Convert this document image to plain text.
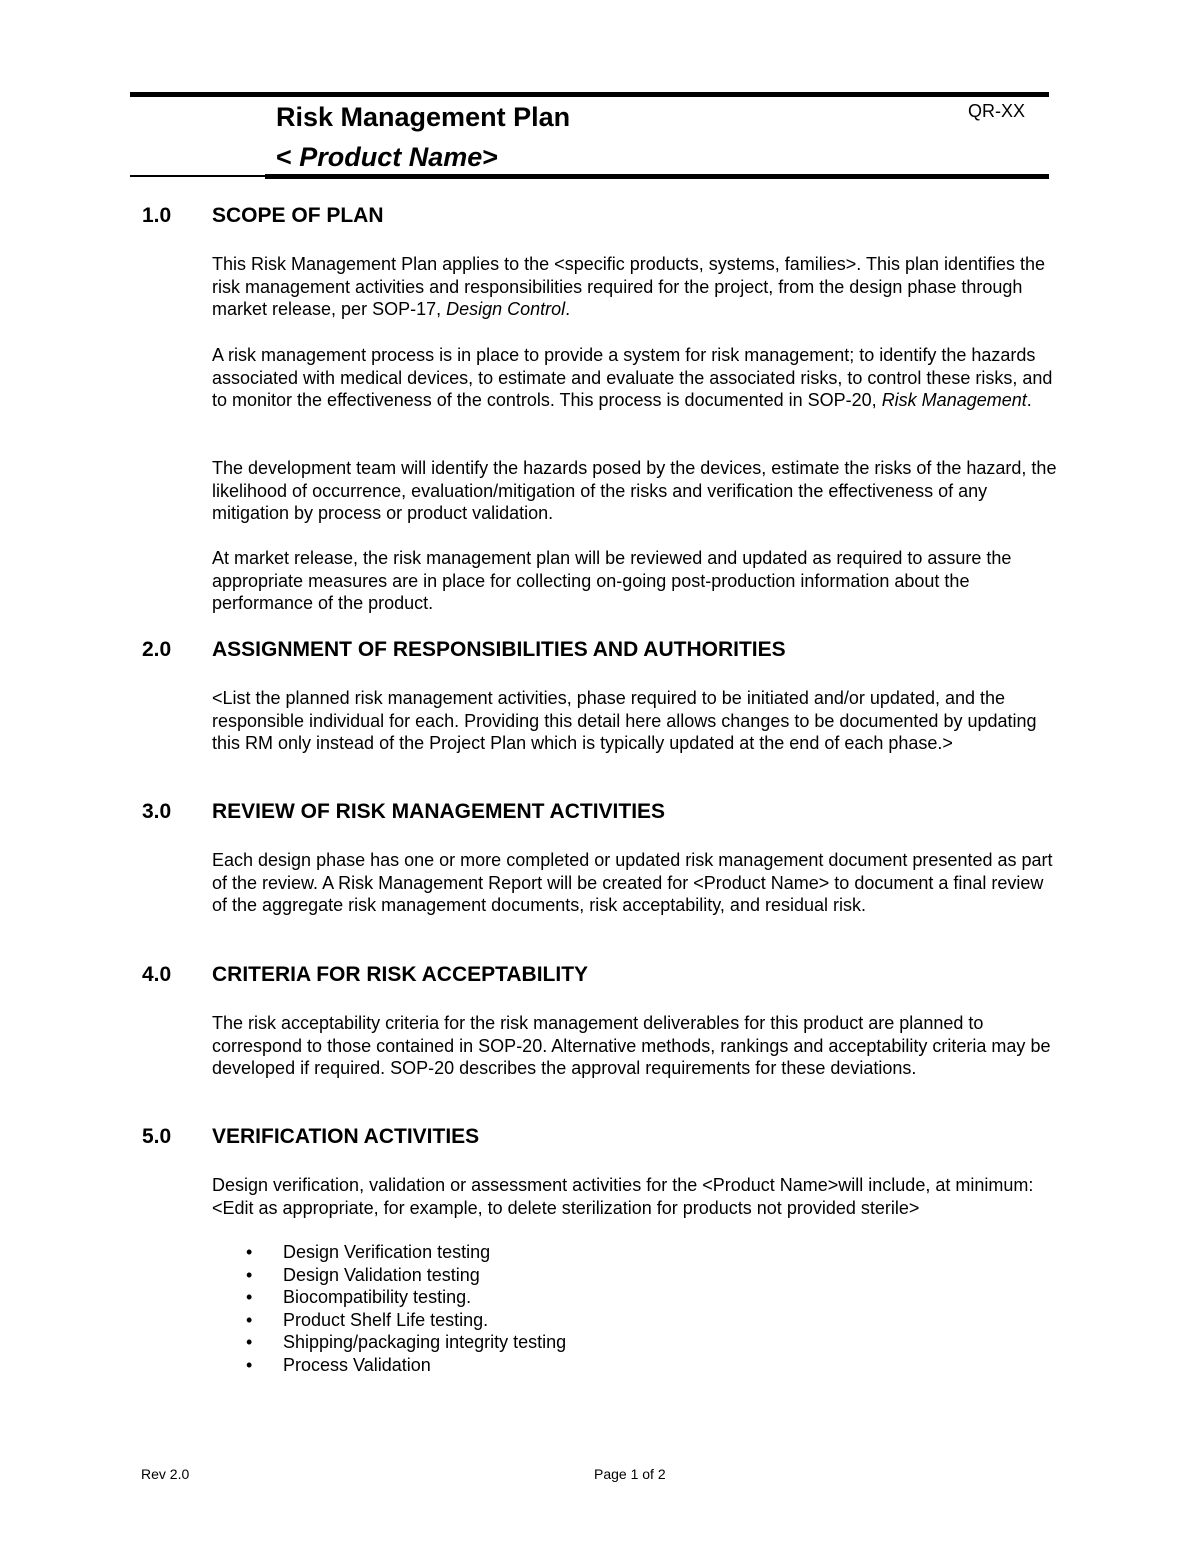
Risk Management Plan
< Product Name>
QR-XX
1.0 SCOPE OF PLAN
This Risk Management Plan applies to the <specific products, systems, families>. This plan identifies the risk management activities and responsibilities required for the project, from the design phase through market release, per SOP-17, Design Control.
A risk management process is in place to provide a system for risk management; to identify the hazards associated with medical devices, to estimate and evaluate the associated risks, to control these risks, and to monitor the effectiveness of the controls. This process is documented in SOP-20, Risk Management.
The development team will identify the hazards posed by the devices, estimate the risks of the hazard, the likelihood of occurrence, evaluation/mitigation of the risks and verification the effectiveness of any mitigation by process or product validation.
At market release, the risk management plan will be reviewed and updated as required to assure the appropriate measures are in place for collecting on-going post-production information about the performance of the product.
2.0 ASSIGNMENT OF RESPONSIBILITIES AND AUTHORITIES
<List the planned risk management activities, phase required to be initiated and/or updated, and the responsible individual for each. Providing this detail here allows changes to be documented by updating this RM only instead of the Project Plan which is typically updated at the end of each phase.>
3.0 REVIEW OF RISK MANAGEMENT ACTIVITIES
Each design phase has one or more completed or updated risk management document presented as part of the review. A Risk Management Report will be created for <Product Name> to document a final review of the aggregate risk management documents, risk acceptability, and residual risk.
4.0 CRITERIA FOR RISK ACCEPTABILITY
The risk acceptability criteria for the risk management deliverables for this product are planned to correspond to those contained in SOP-20. Alternative methods, rankings and acceptability criteria may be developed if required. SOP-20 describes the approval requirements for these deviations.
5.0 VERIFICATION ACTIVITIES
Design verification, validation or assessment activities for the <Product Name>will include, at minimum:<Edit as appropriate, for example, to delete sterilization for products not provided sterile>
• Design Verification testing
• Design Validation testing
• Biocompatibility testing.
• Product Shelf Life testing.
• Shipping/packaging integrity testing
• Process Validation
Rev 2.0	Page 1 of 2
